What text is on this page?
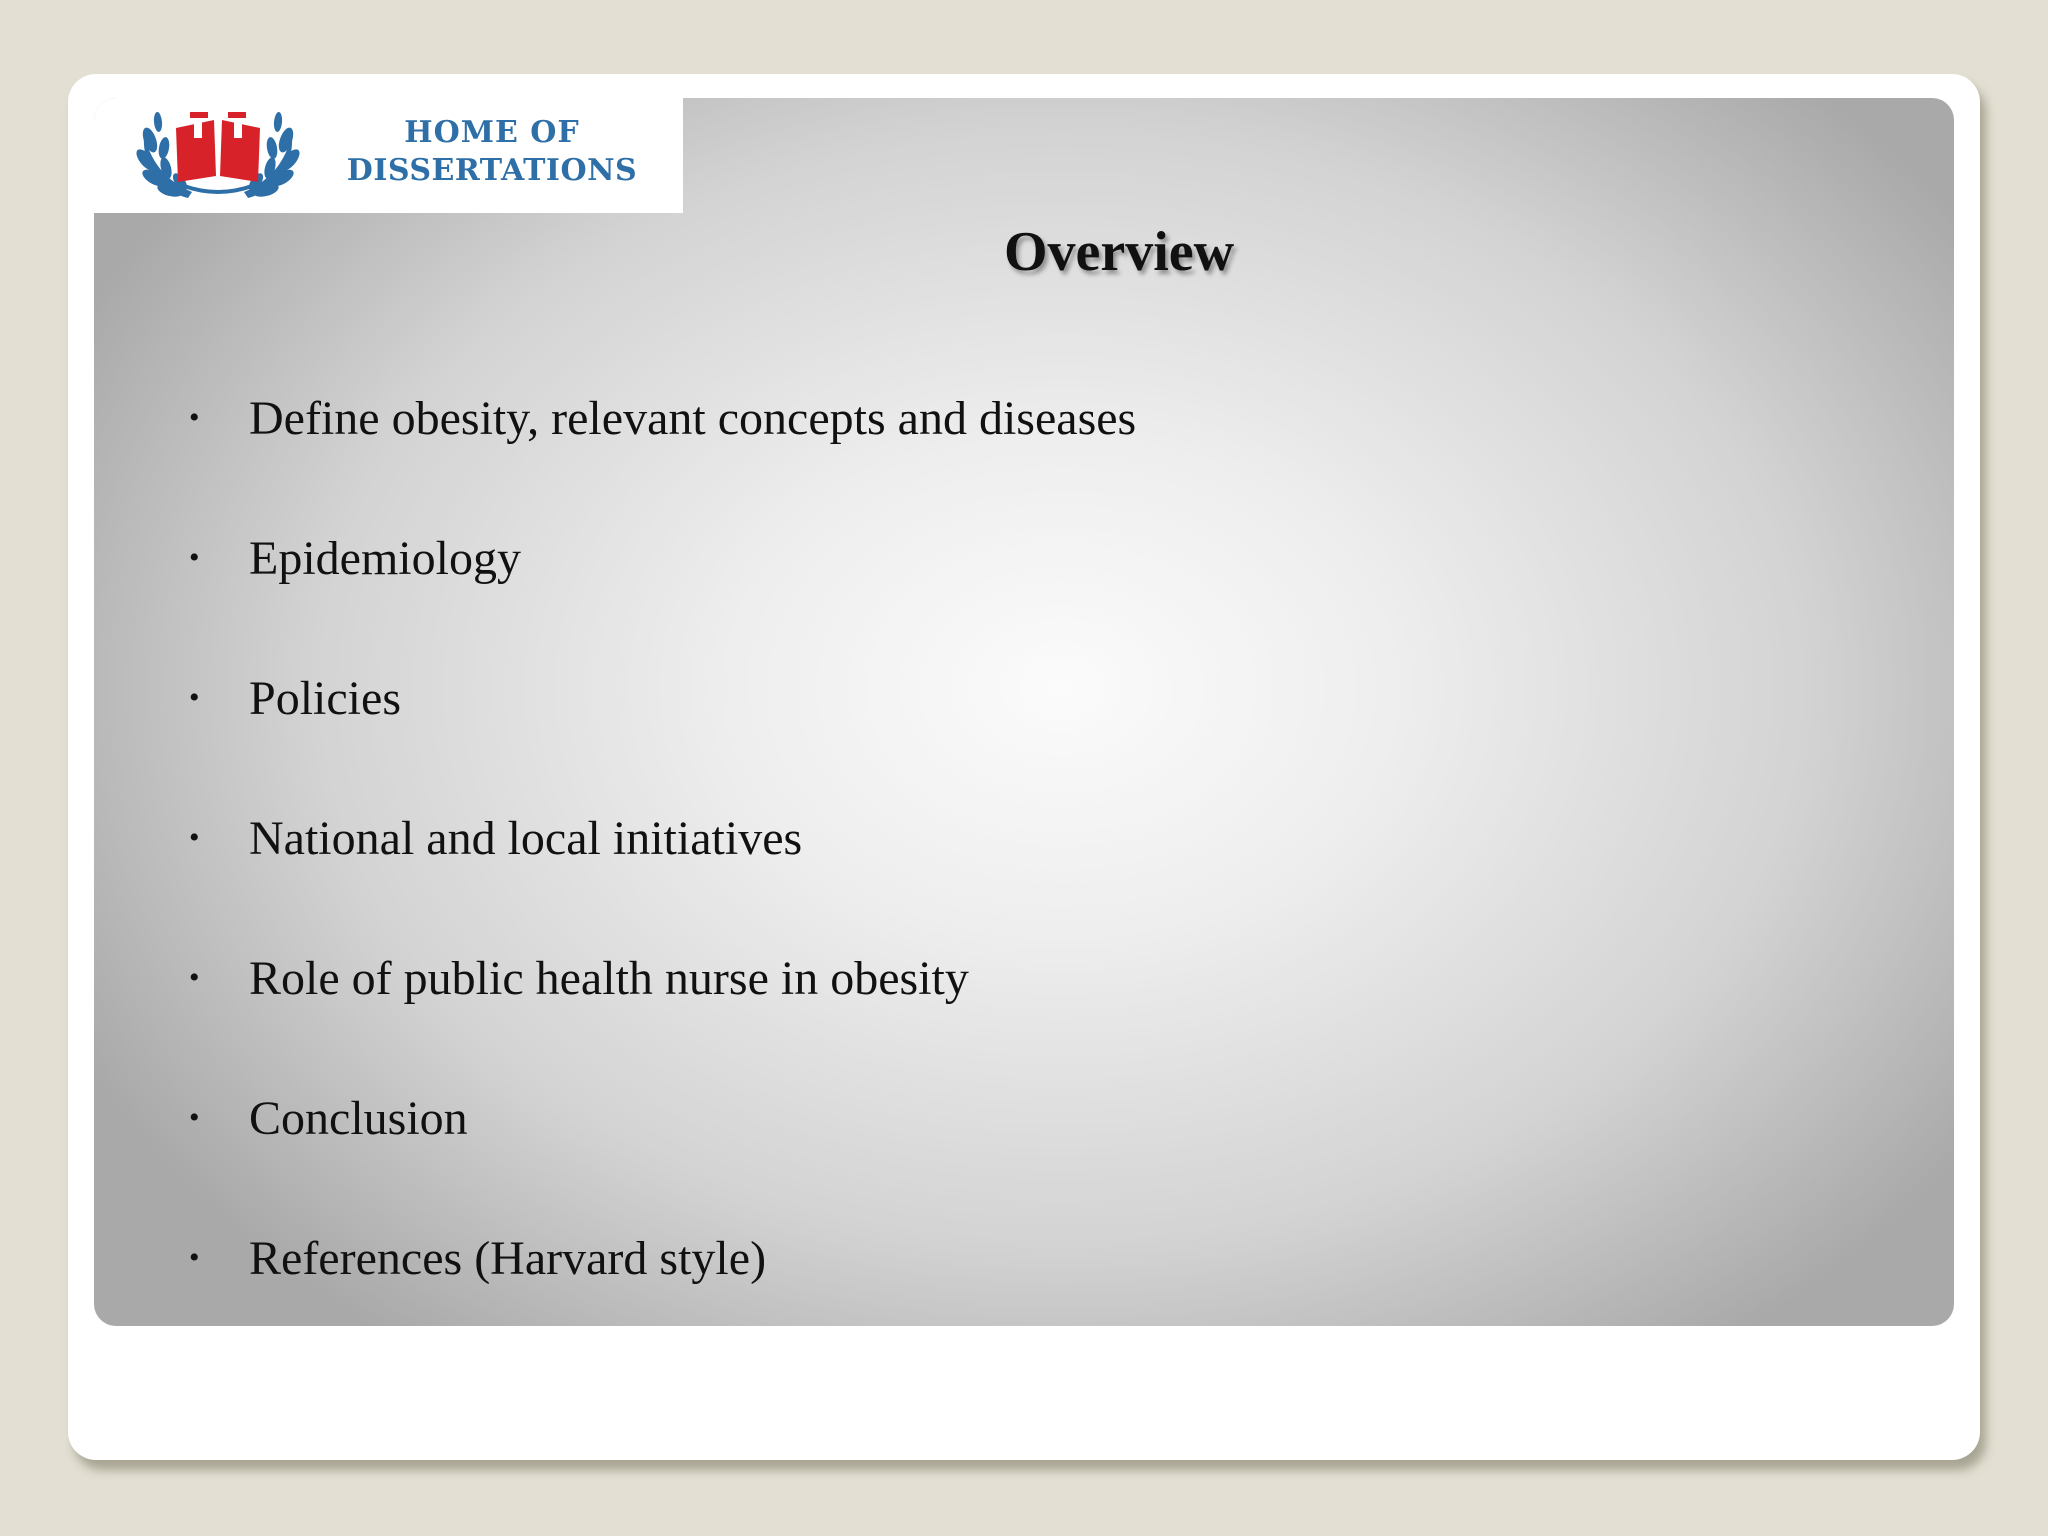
HOME OF
DISSERTATIONS
Overview
•	Define obesity, relevant concepts and diseases
•	Epidemiology
•	Policies
•	National and local initiatives
•	Role of public health nurse in obesity
•	Conclusion
•	References (Harvard style)
